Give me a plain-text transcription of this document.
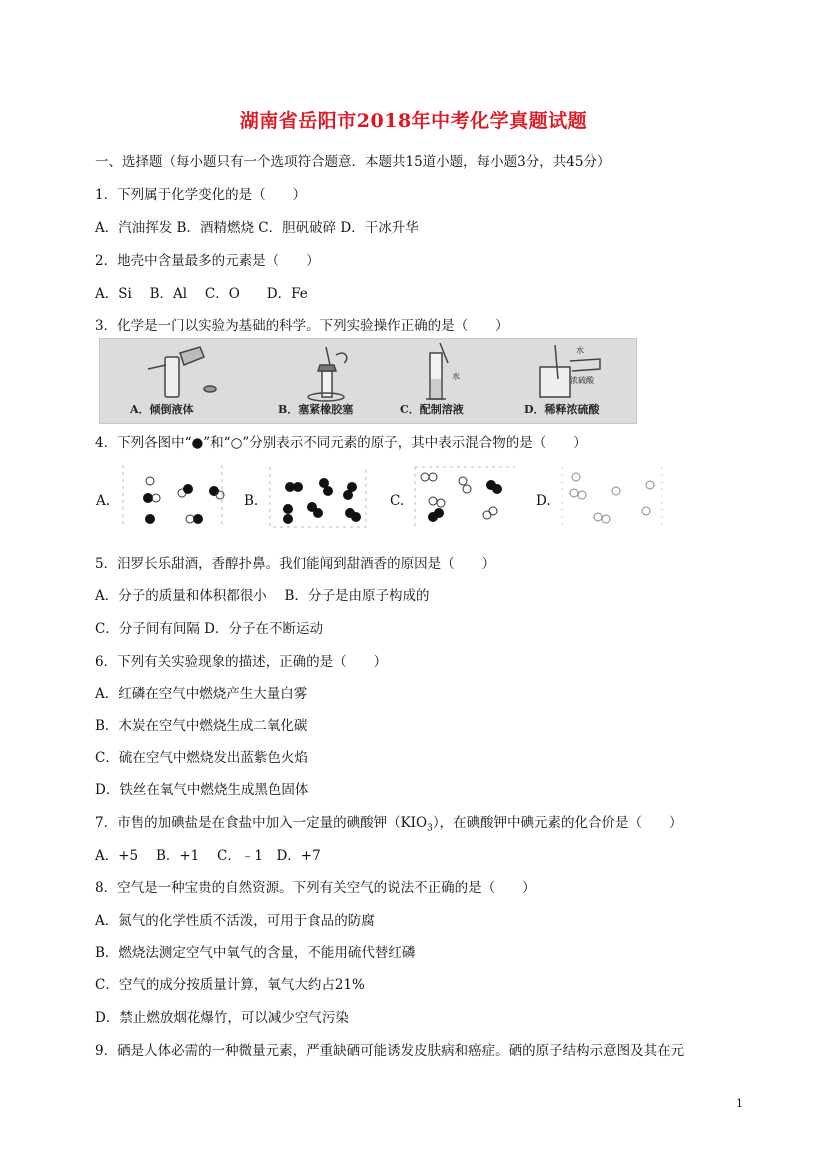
湖南省岳阳市2018年中考化学真题试题
一、选择题（每小题只有一个选项符合题意．本题共15道小题，每小题3分，共45分）
1．下列属于化学变化的是（　　）
A．汽油挥发 B．酒精燃烧 C．胆矾破碎 D．干冰升华
2．地壳中含量最多的元素是（　　）
A．Si　 B．Al　 C．O　　D．Fe
3．化学是一门以实验为基础的科学。下列实验操作正确的是（　　）
A．倾倒液体	B．塞紧橡胶塞	C．配制溶液	D．稀释浓硫酸
水	浓硫酸
水
4．下列各图中“●”和“○”分别表示不同元素的原子，其中表示混合物的是（　　）
A.	B.	C.	D.
5．汨罗长乐甜酒，香醇扑鼻。我们能闻到甜酒香的原因是（　　）
A．分子的质量和体积都很小　 B．分子是由原子构成的
C．分子间有间隔 D．分子在不断运动
6．下列有关实验现象的描述，正确的是（　　）
A．红磷在空气中燃烧产生大量白雾
B．木炭在空气中燃烧生成二氧化碳
C．硫在空气中燃烧发出蓝紫色火焰
D．铁丝在氧气中燃烧生成黑色固体
7．市售的加碘盐是在食盐中加入一定量的碘酸钾$(KIO_3)$，在碘酸钾中碘元素的化合价是（　　）
A．+5　 B．+1　 C．﹣1　D．+7
8．空气是一种宝贵的自然资源。下列有关空气的说法不正确的是（　　）
A．氮气的化学性质不活泼，可用于食品的防腐
B．燃烧法测定空气中氧气的含量，不能用硫代替红磷
C．空气的成分按质量计算，氧气大约占21%
D．禁止燃放烟花爆竹，可以减少空气污染
9．硒是人体必需的一种微量元素，严重缺硒可能诱发皮肤病和癌症。硒的原子结构示意图及其在元
1
